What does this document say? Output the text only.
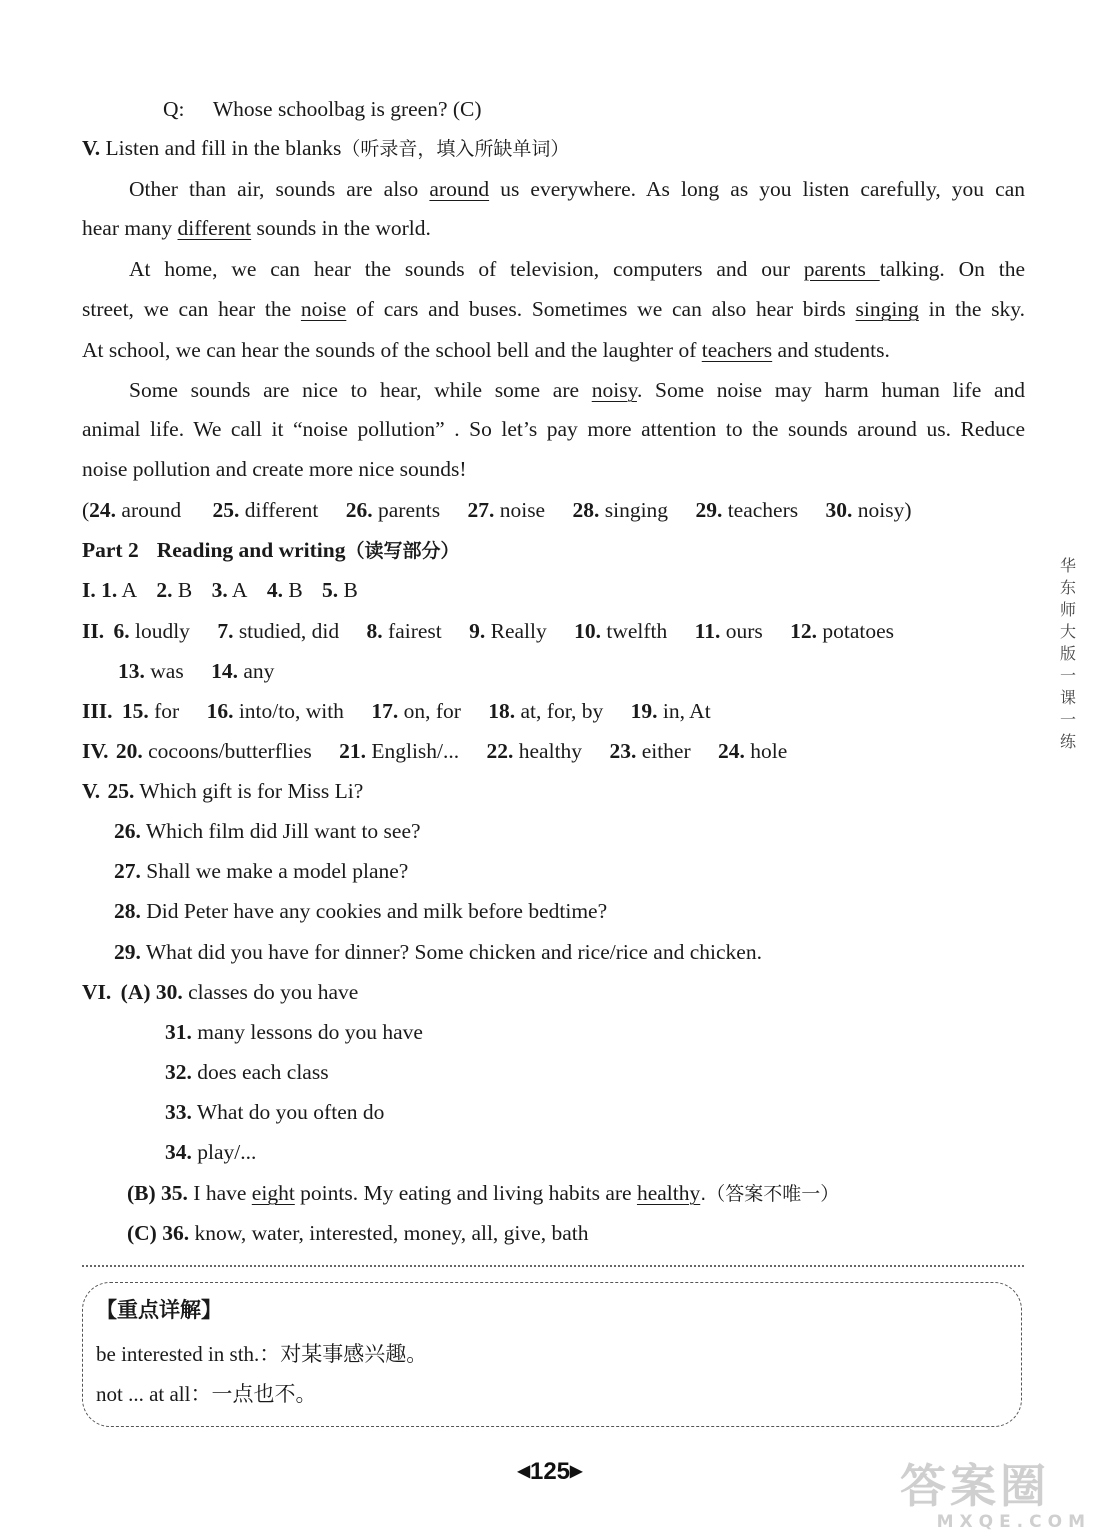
Q: Whose schoolbag is green? (C)
V. Listen and fill in the blanks（听录音，填入所缺单词）
Other than air, sounds are also around us everywhere. As long as you listen carefully, you can
hear many different sounds in the world.
At home, we can hear the sounds of television, computers and our parents talking. On the
street, we can hear the noise of cars and buses. Sometimes we can also hear birds singing in the sky.
At school, we can hear the sounds of the school bell and the laughter of teachers and students.
Some sounds are nice to hear, while some are noisy. Some noise may harm human life and
animal life. We call it “noise pollution” . So let’s pay more attention to the sounds around us. Reduce
noise pollution and create more nice sounds!
(24. around 25. different 26. parents 27. noise 28. singing 29. teachers 30. noisy)
Part 2 Reading and writing（读写部分）
I. 1. A 2. B 3. A 4. B 5. B
II. 6. loudly 7. studied, did 8. fairest 9. Really 10. twelfth 11. ours 12. potatoes
13. was 14. any
III. 15. for 16. into/to, with 17. on, for 18. at, for, by 19. in, At
IV. 20. cocoons/butterflies 21. English/... 22. healthy 23. either 24. hole
V. 25. Which gift is for Miss Li?
26. Which film did Jill want to see?
27. Shall we make a model plane?
28. Did Peter have any cookies and milk before bedtime?
29. What did you have for dinner? Some chicken and rice/rice and chicken.
VI. (A) 30. classes do you have
31. many lessons do you have
32. does each class
33. What do you often do
34. play/...
(B) 35. I have eight points. My eating and living habits are healthy.（答案不唯一）
(C) 36. know, water, interested, money, all, give, bath
【重点详解】
be interested in sth.：对某事感兴趣。
not ... at all：一点也不。
华东师大版一课一练
◀125▶	答案圈
MXQE.COM
